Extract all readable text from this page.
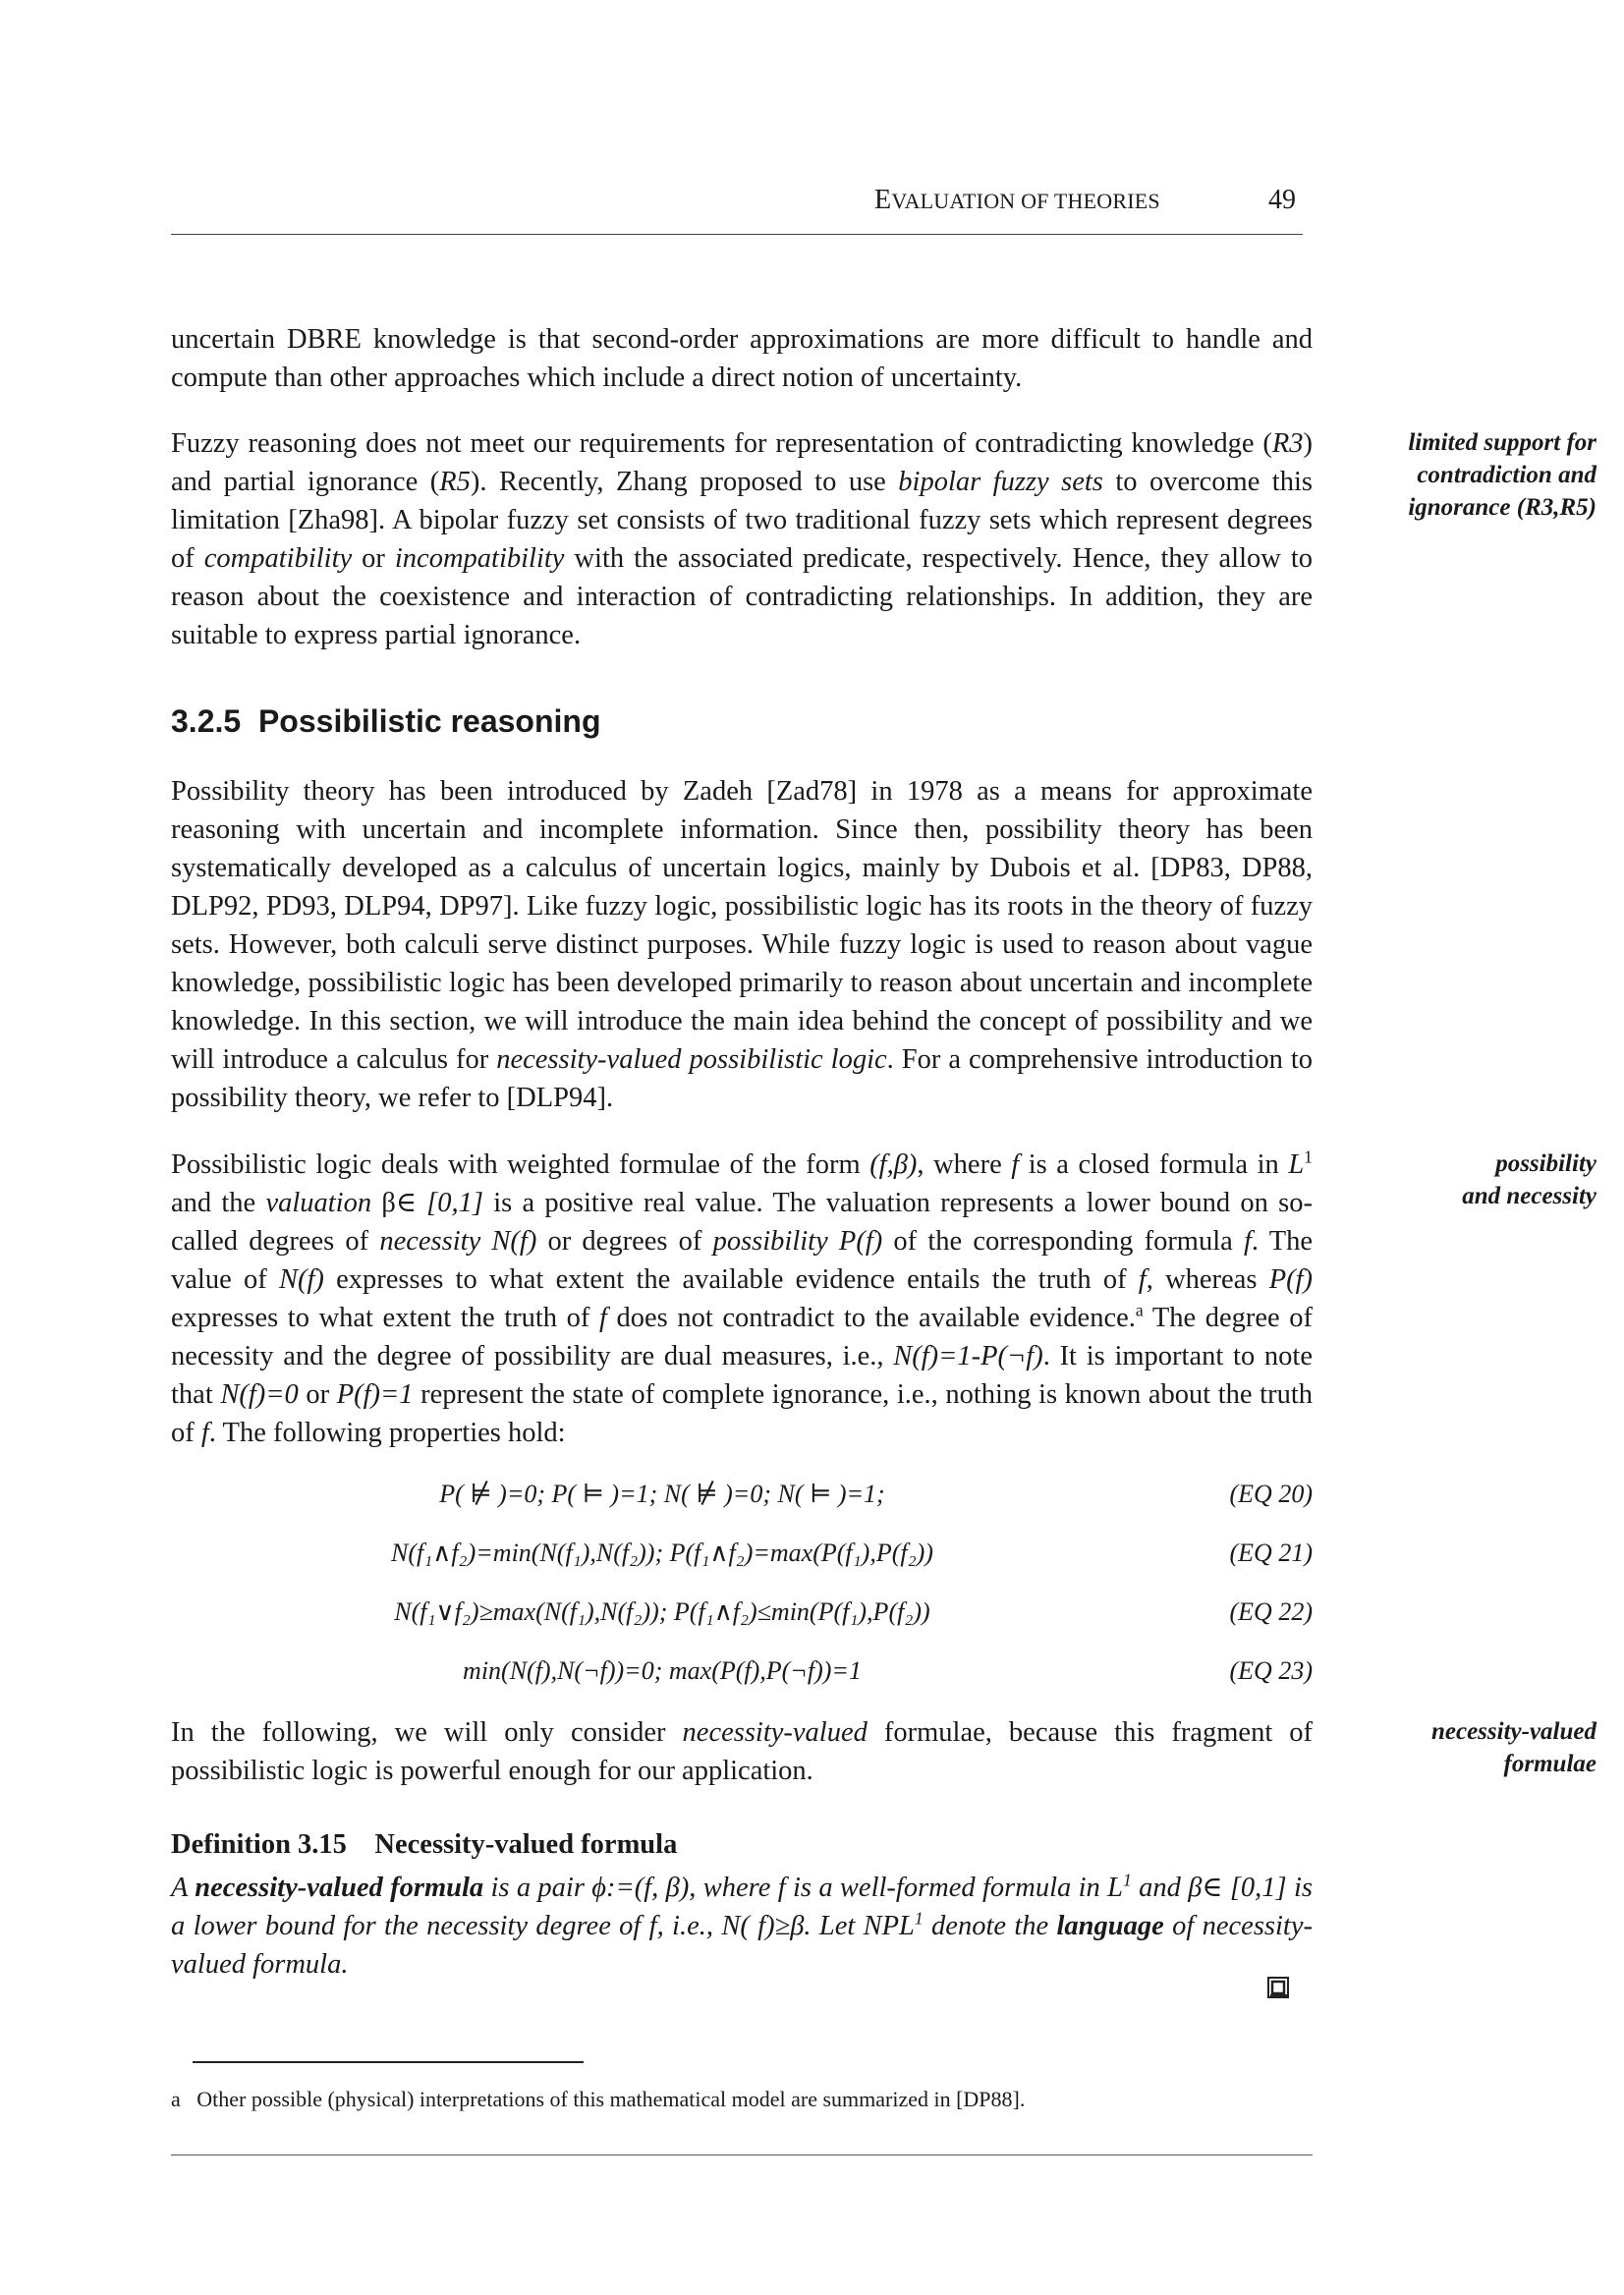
EVALUATION OF THEORIES	49

uncertain DBRE knowledge is that second-order approximations are more difficult to handle and compute than other approaches which include a direct notion of uncertainty.

Fuzzy reasoning does not meet our requirements for representation of contradicting knowledge (R3) and partial ignorance (R5). Recently, Zhang proposed to use bipolar fuzzy sets to overcome this limitation [Zha98]. A bipolar fuzzy set consists of two traditional fuzzy sets which represent degrees of compatibility or incompatibility with the associated predicate, respectively. Hence, they allow to reason about the coexistence and interaction of contradicting relationships. In addition, they are suitable to express partial ignorance.

limited support for
contradiction and
ignorance (R3,R5)
3.2.5 Possibilistic reasoning

Possibility theory has been introduced by Zadeh [Zad78] in 1978 as a means for approximate reasoning with uncertain and incomplete information. Since then, possibility theory has been systematically developed as a calculus of uncertain logics, mainly by Dubois et al. [DP83, DP88, DLP92, PD93, DLP94, DP97]. Like fuzzy logic, possibilistic logic has its roots in the theory of fuzzy sets. However, both calculi serve distinct purposes. While fuzzy logic is used to reason about vague knowledge, possibilistic logic has been developed primarily to reason about uncertain and incomplete knowledge. In this section, we will introduce the main idea behind the concept of possibility and we will introduce a calculus for necessity-valued possibilistic logic. For a comprehensive introduction to possibility theory, we refer to [DLP94].

Possibilistic logic deals with weighted formulae of the form (f,β), where f is a closed formula in $L^1$ and the valuation β∈ [0,1] is a positive real value. The valuation represents a lower bound on so-called degrees of necessity N(f) or degrees of possibility P(f) of the corresponding formula f. The value of N(f) expresses to what extent the available evidence entails the truth of f, whereas P(f) expresses to what extent the truth of f does not contradict to the available evidence.$^a$ The degree of necessity and the degree of possibility are dual measures, i.e., N(f)=1-P(¬f). It is important to note that N(f)=0 or P(f)=1 represent the state of complete ignorance, i.e., nothing is known about the truth of f. The following properties hold:

possibility
and necessity
P( ⊭ )=0; P( ⊨ )=1; N( ⊭ )=0; N( ⊨ )=1;	(EQ 20)
N(f₁∧f₂)=min(N(f₁),N(f₂)); P(f₁∧f₂)=max(P(f₁),P(f₂))	(EQ 21)
N(f₁∨f₂)≥max(N(f₁),N(f₂)); P(f₁∧f₂)≤min(P(f₁),P(f₂))	(EQ 22)
min(N(f),N(¬f))=0; max(P(f),P(¬f))=1	(EQ 23)

In the following, we will only consider necessity-valued formulae, because this fragment of possibilistic logic is powerful enough for our application.

necessity-valued
formulae
Definition 3.15    Necessity-valued formula
A necessity-valued formula is a pair ϕ:=(f, β), where f is a well-formed formula in $L^1$ and β∈ [0,1] is a lower bound for the necessity degree of f, i.e., N( f)≥β. Let NPL$^1$ denote the language of necessity-valued formula.
a   Other possible (physical) interpretations of this mathematical model are summarized in [DP88].
